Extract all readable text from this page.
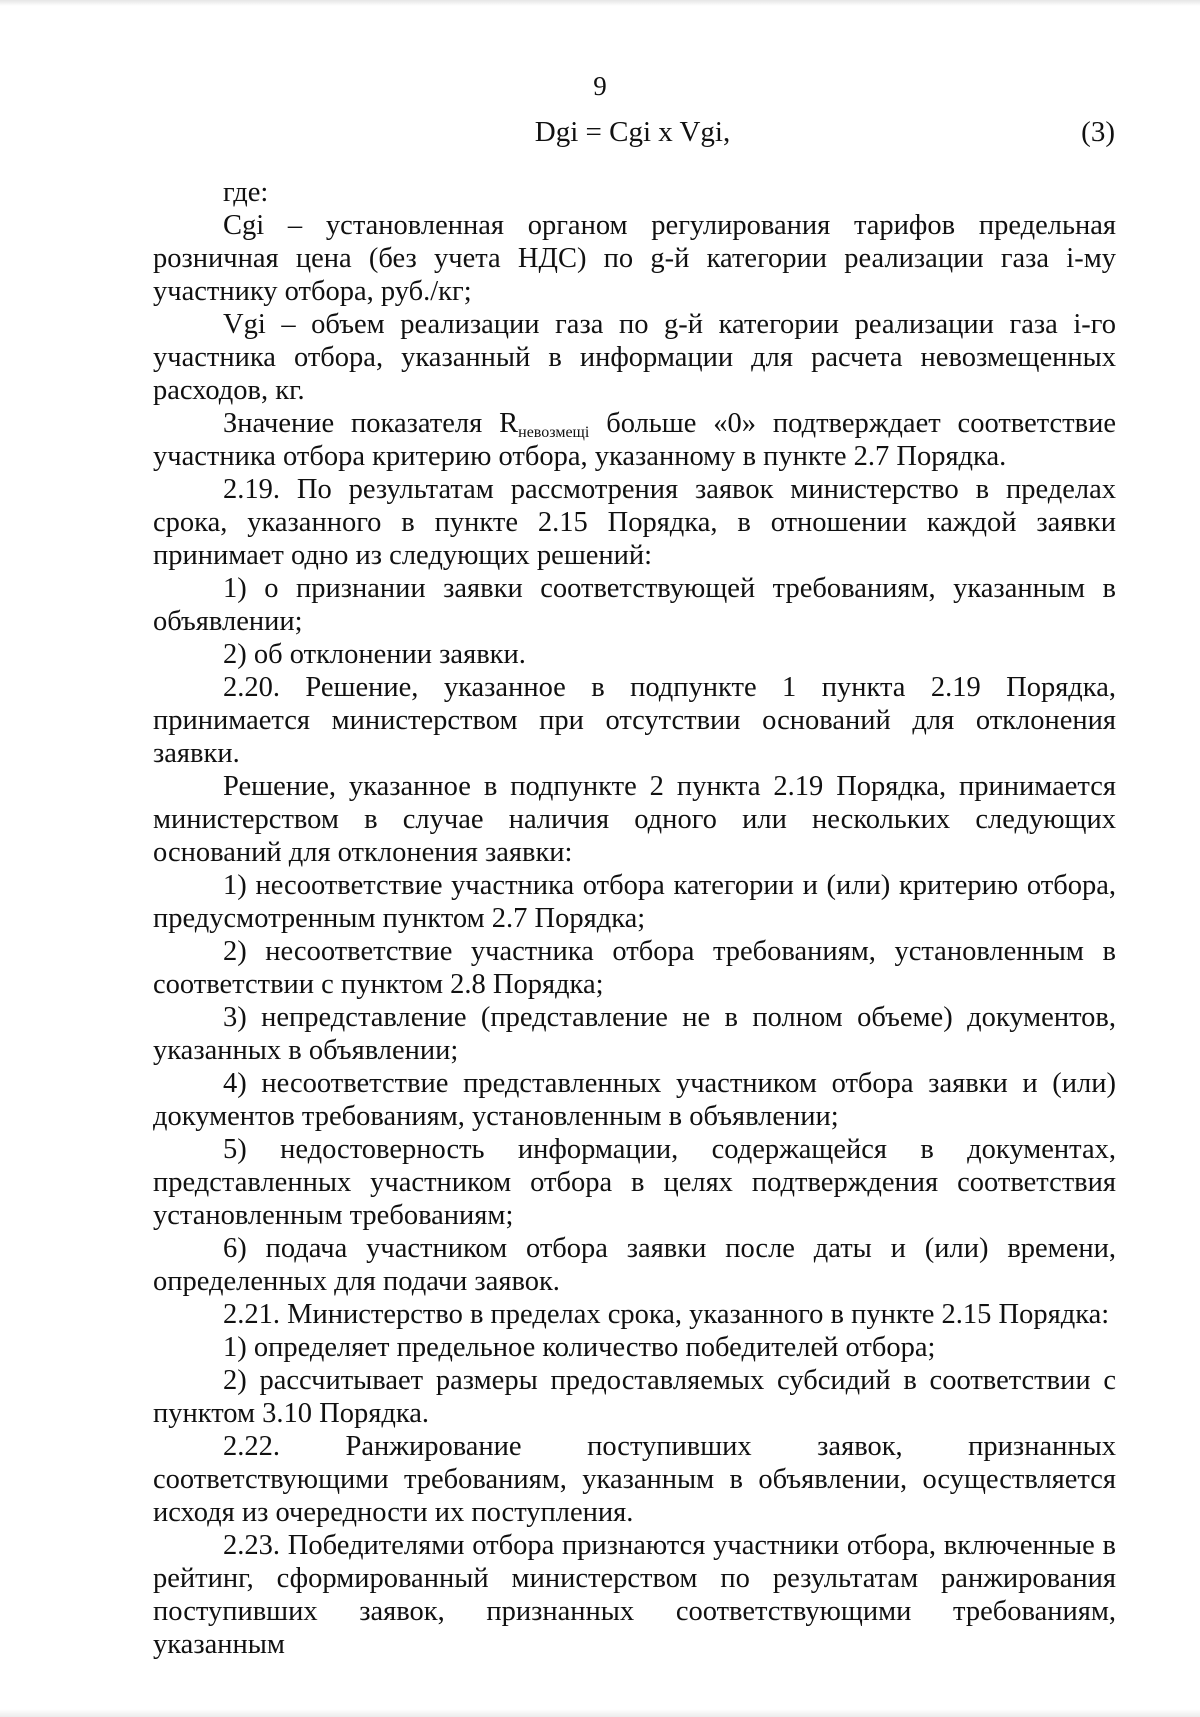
9
Dgi = Cgi x Vgi,	(3)

где:

Cgi – установленная органом регулирования тарифов предельная розничная цена (без учета НДС) по g-й категории реализации газа i-му участнику отбора, руб./кг;

Vgi – объем реализации газа по g-й категории реализации газа i-го участника отбора, указанный в информации для расчета невозмещенных расходов, кг.

Значение показателя $R_{невозмещі}$ больше «0» подтверждает соответствие участника отбора критерию отбора, указанному в пункте 2.7 Порядка.

2.19. По результатам рассмотрения заявок министерство в пределах срока, указанного в пункте 2.15 Порядка, в отношении каждой заявки принимает одно из следующих решений:

1) о признании заявки соответствующей требованиям, указанным в объявлении;

2) об отклонении заявки.

2.20. Решение, указанное в подпункте 1 пункта 2.19 Порядка, принимается министерством при отсутствии оснований для отклонения заявки.

Решение, указанное в подпункте 2 пункта 2.19 Порядка, принимается министерством в случае наличия одного или нескольких следующих оснований для отклонения заявки:

1) несоответствие участника отбора категории и (или) критерию отбора, предусмотренным пунктом 2.7 Порядка;

2) несоответствие участника отбора требованиям, установленным в соответствии с пунктом 2.8 Порядка;

3) непредставление (представление не в полном объеме) документов, указанных в объявлении;

4) несоответствие представленных участником отбора заявки и (или) документов требованиям, установленным в объявлении;

5) недостоверность информации, содержащейся в документах, представленных участником отбора в целях подтверждения соответствия установленным требованиям;

6) подача участником отбора заявки после даты и (или) времени, определенных для подачи заявок.

2.21. Министерство в пределах срока, указанного в пункте 2.15 Порядка:

1) определяет предельное количество победителей отбора;

2) рассчитывает размеры предоставляемых субсидий в соответствии с пунктом 3.10 Порядка.

2.22. Ранжирование поступивших заявок, признанных соответствующими требованиям, указанным в объявлении, осуществляется исходя из очередности их поступления.

2.23. Победителями отбора признаются участники отбора, включенные в рейтинг, сформированный министерством по результатам ранжирования поступивших заявок, признанных соответствующими требованиям, указанным
